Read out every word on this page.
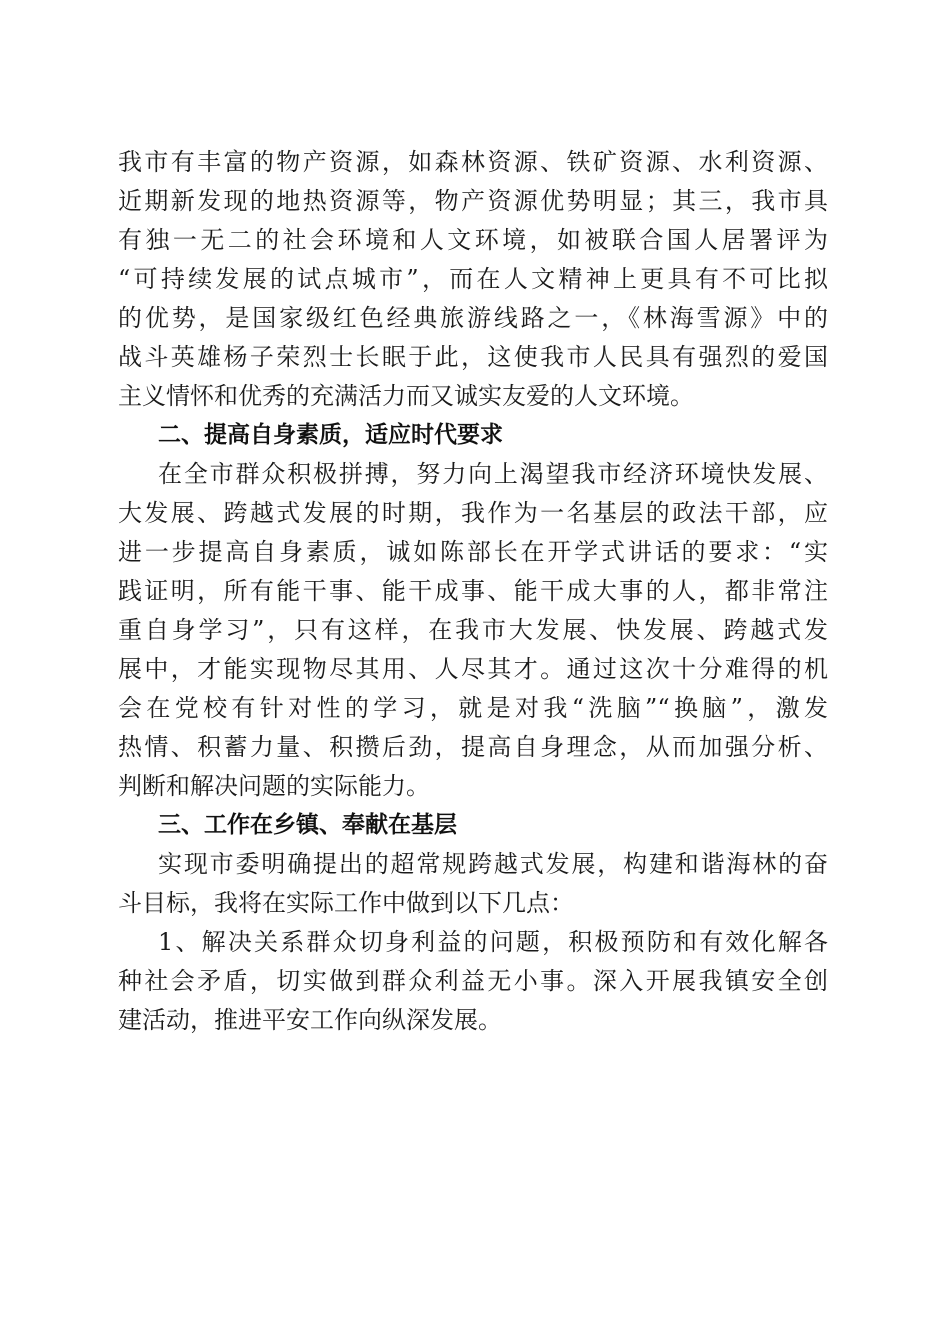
我市有丰富的物产资源，如森林资源、铁矿资源、水利资源、
近期新发现的地热资源等，物产资源优势明显；其三，我市具
有独一无二的社会环境和人文环境，如被联合国人居署评为
“可持续发展的试点城市”，而在人文精神上更具有不可比拟
的优势，是国家级红色经典旅游线路之一，《林海雪源》中的
战斗英雄杨子荣烈士长眠于此，这使我市人民具有强烈的爱国
主义情怀和优秀的充满活力而又诚实友爱的人文环境。
二、提高自身素质，适应时代要求
在全市群众积极拼搏，努力向上渴望我市经济环境快发展、
大发展、跨越式发展的时期，我作为一名基层的政法干部，应
进一步提高自身素质，诚如陈部长在开学式讲话的要求：“实
践证明，所有能干事、能干成事、能干成大事的人，都非常注
重自身学习”，只有这样，在我市大发展、快发展、跨越式发
展中，才能实现物尽其用、人尽其才。通过这次十分难得的机
会在党校有针对性的学习，就是对我“洗脑”“换脑”，激发
热情、积蓄力量、积攒后劲，提高自身理念，从而加强分析、
判断和解决问题的实际能力。
三、工作在乡镇、奉献在基层
实现市委明确提出的超常规跨越式发展，构建和谐海林的奋
斗目标，我将在实际工作中做到以下几点：
1、解决关系群众切身利益的问题，积极预防和有效化解各
种社会矛盾，切实做到群众利益无小事。深入开展我镇安全创
建活动，推进平安工作向纵深发展。
